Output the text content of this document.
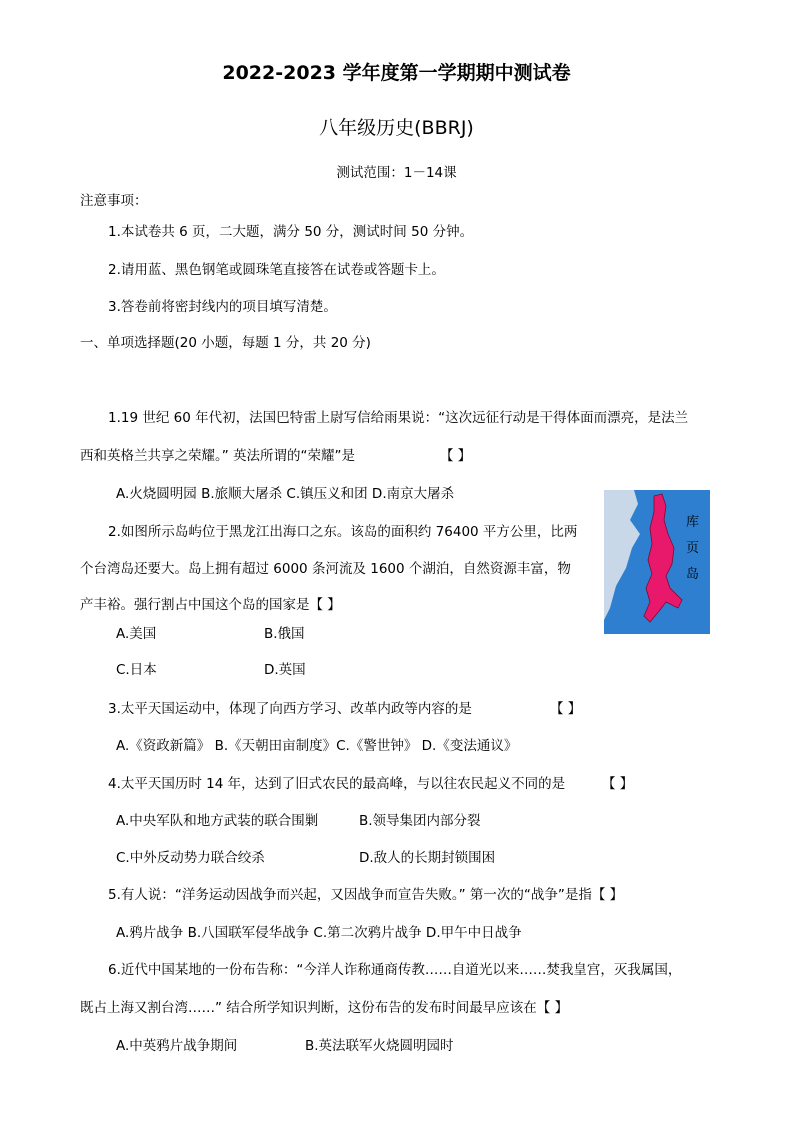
2022-2023 学年度第一学期期中测试卷
八年级历史(BBRJ)
测试范围：1－14课
注意事项：
1.本试卷共 6 页，二大题，满分 50 分，测试时间 50 分钟。
2.请用蓝、黑色钢笔或圆珠笔直接答在试卷或答题卡上。
3.答卷前将密封线内的项目填写清楚。
一、单项选择题(20 小题，每题 1 分，共 20 分)
1.19 世纪 60 年代初，法国巴特雷上尉写信给雨果说：“这次远征行动是干得体面而漂亮，是法兰
西和英格兰共享之荣耀。” 英法所谓的“荣耀”是	【 】
A.火烧圆明园 B.旅顺大屠杀 C.镇压义和团 D.南京大屠杀
2.如图所示岛屿位于黑龙江出海口之东。该岛的面积约 76400 平方公里，比两
个台湾岛还要大。岛上拥有超过 6000 条河流及 1600 个湖泊，自然资源丰富，物
产丰裕。强行割占中国这个岛的国家是【 】
A.美国	B.俄国
C.日本	D.英国
库
页
岛
3.太平天国运动中，体现了向西方学习、改革内政等内容的是	【 】
A.《资政新篇》 B.《天朝田亩制度》C.《警世钟》 D.《变法通议》
4.太平天国历时 14 年，达到了旧式农民的最高峰，与以往农民起义不同的是	【 】
A.中央军队和地方武装的联合围剿	B.领导集团内部分裂
C.中外反动势力联合绞杀	D.敌人的长期封锁围困
5.有人说：“洋务运动因战争而兴起，又因战争而宣告失败。” 第一次的“战争”是指【 】
A.鸦片战争 B.八国联军侵华战争 C.第二次鸦片战争 D.甲午中日战争
6.近代中国某地的一份布告称：“今洋人诈称通商传教……自道光以来……焚我皇宫，灭我属国，
既占上海又割台湾……” 结合所学知识判断，这份布告的发布时间最早应该在【 】
A.中英鸦片战争期间	B.英法联军火烧圆明园时
